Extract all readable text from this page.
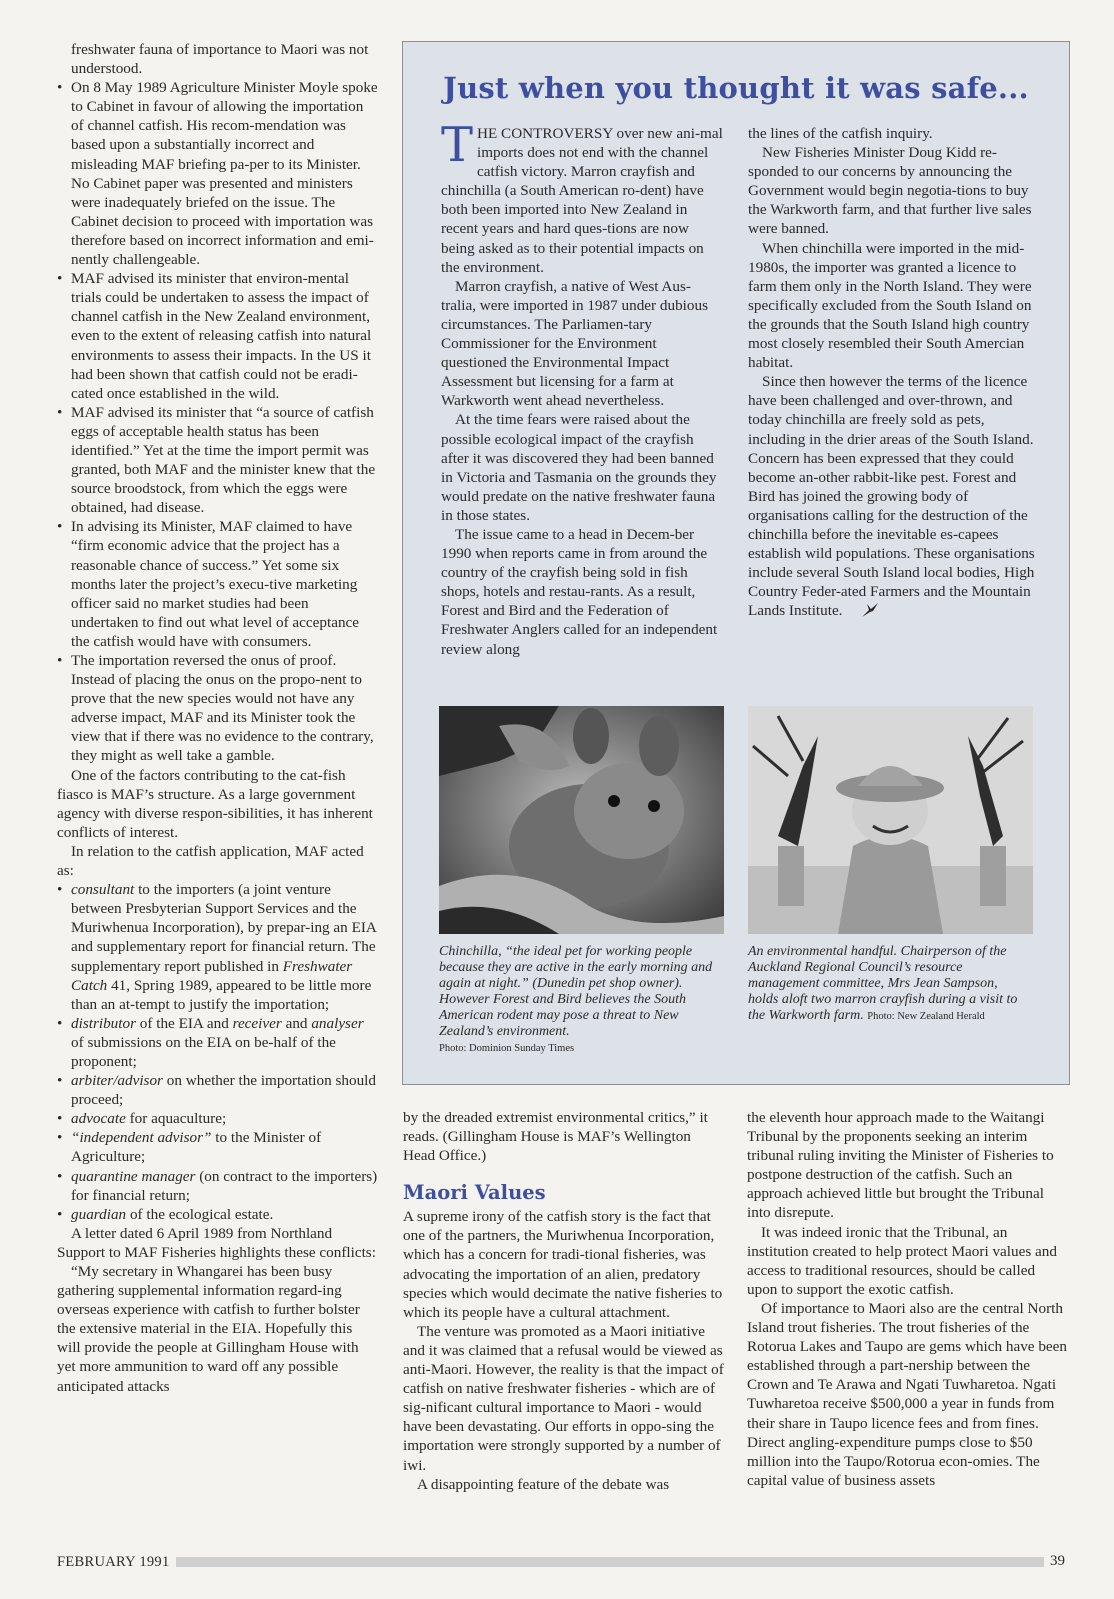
freshwater fauna of importance to Maori was not understood.

• On 8 May 1989 Agriculture Minister Moyle spoke to Cabinet in favour of allowing the importation of channel catfish. His recom-mendation was based upon a substantially incorrect and misleading MAF briefing pa-per to its Minister. No Cabinet paper was presented and ministers were inadequately briefed on the issue. The Cabinet decision to proceed with importation was therefore based on incorrect information and emi-nently challengeable.
• MAF advised its minister that environ-mental trials could be undertaken to assess the impact of channel catfish in the New Zealand environment, even to the extent of releasing catfish into natural environments to assess their impacts. In the US it had been shown that catfish could not be eradi-cated once established in the wild.
• MAF advised its minister that “a source of catfish eggs of acceptable health status has been identified.” Yet at the time the import permit was granted, both MAF and the minister knew that the source broodstock, from which the eggs were obtained, had disease.
• In advising its Minister, MAF claimed to have “firm economic advice that the project has a reasonable chance of success.” Yet some six months later the project’s execu-tive marketing officer said no market studies had been undertaken to find out what level of acceptance the catfish would have with consumers.
• The importation reversed the onus of proof. Instead of placing the onus on the propo-nent to prove that the new species would not have any adverse impact, MAF and its Minister took the view that if there was no evidence to the contrary, they might as well take a gamble.

One of the factors contributing to the cat-fish fiasco is MAF’s structure. As a large government agency with diverse respon-sibilities, it has inherent conflicts of interest.

In relation to the catfish application, MAF acted as:

• consultant to the importers (a joint venture between Presbyterian Support Services and the Muriwhenua Incorporation), by prepar-ing an EIA and supplementary report for financial return. The supplementary report published in Freshwater Catch 41, Spring 1989, appeared to be little more than an at-tempt to justify the importation;
• distributor of the EIA and receiver and analyser of submissions on the EIA on be-half of the proponent;
• arbiter/advisor on whether the importation should proceed;
• advocate for aquaculture;
• “independent advisor” to the Minister of Agriculture;
• quarantine manager (on contract to the importers) for financial return;
• guardian of the ecological estate.

A letter dated 6 April 1989 from Northland Support to MAF Fisheries highlights these conflicts:

“My secretary in Whangarei has been busy gathering supplemental information regard-ing overseas experience with catfish to further bolster the extensive material in the EIA. Hopefully this will provide the people at Gillingham House with yet more ammunition to ward off any possible anticipated attacks

Just when you thought it was safe...

THE CONTROVERSY over new ani-mal imports does not end with the channel catfish victory. Marron crayfish and chinchilla (a South American ro-dent) have both been imported into New Zealand in recent years and hard ques-tions are now being asked as to their potential impacts on the environment.

Marron crayfish, a native of West Aus-tralia, were imported in 1987 under dubious circumstances. The Parliamen-tary Commissioner for the Environment questioned the Environmental Impact Assessment but licensing for a farm at Warkworth went ahead nevertheless.

At the time fears were raised about the possible ecological impact of the crayfish after it was discovered they had been banned in Victoria and Tasmania on the grounds they would predate on the native freshwater fauna in those states.

The issue came to a head in Decem-ber 1990 when reports came in from around the country of the crayfish being sold in fish shops, hotels and restau-rants. As a result, Forest and Bird and the Federation of Freshwater Anglers called for an independent review along

the lines of the catfish inquiry.

New Fisheries Minister Doug Kidd re-sponded to our concerns by announcing the Government would begin negotia-tions to buy the Warkworth farm, and that further live sales were banned.

When chinchilla were imported in the mid-1980s, the importer was granted a licence to farm them only in the North Island. They were specifically excluded from the South Island on the grounds that the South Island high country most closely resembled their South Amercian habitat.

Since then however the terms of the licence have been challenged and over-thrown, and today chinchilla are freely sold as pets, including in the drier areas of the South Island. Concern has been expressed that they could become an-other rabbit-like pest. Forest and Bird has joined the growing body of organisations calling for the destruction of the chinchilla before the inevitable es-capees establish wild populations. These organisations include several South Island local bodies, High Country Feder-ated Farmers and the Mountain Lands Institute.

Chinchilla, “the ideal pet for working people because they are active in the early morning and again at night.” (Dunedin pet shop owner). However Forest and Bird believes the South American rodent may pose a threat to New Zealand’s environment.
Photo: Dominion Sunday Times
An environmental handful. Chairperson of the Auckland Regional Council’s resource management committee, Mrs Jean Sampson, holds aloft two marron crayfish during a visit to the Warkworth farm. Photo: New Zealand Herald

by the dreaded extremist environmental critics,” it reads. (Gillingham House is MAF’s Wellington Head Office.)

Maori Values

A supreme irony of the catfish story is the fact that one of the partners, the Muriwhenua Incorporation, which has a concern for tradi-tional fisheries, was advocating the importation of an alien, predatory species which would decimate the native fisheries to which its people have a cultural attachment.

The venture was promoted as a Maori initiative and it was claimed that a refusal would be viewed as anti-Maori. However, the reality is that the impact of catfish on native freshwater fisheries - which are of sig-nificant cultural importance to Maori - would have been devastating. Our efforts in oppo-sing the importation were strongly supported by a number of iwi.

A disappointing feature of the debate was

the eleventh hour approach made to the Waitangi Tribunal by the proponents seeking an interim tribunal ruling inviting the Minister of Fisheries to postpone destruction of the catfish. Such an approach achieved little but brought the Tribunal into disrepute.

It was indeed ironic that the Tribunal, an institution created to help protect Maori values and access to traditional resources, should be called upon to support the exotic catfish.

Of importance to Maori also are the central North Island trout fisheries. The trout fisheries of the Rotorua Lakes and Taupo are gems which have been established through a part-nership between the Crown and Te Arawa and Ngati Tuwharetoa. Ngati Tuwharetoa receive $500,000 a year in funds from their share in Taupo licence fees and from fines. Direct angling-expenditure pumps close to $50 million into the Taupo/Rotorua econ-omies. The capital value of business assets

FEBRUARY 1991	39
